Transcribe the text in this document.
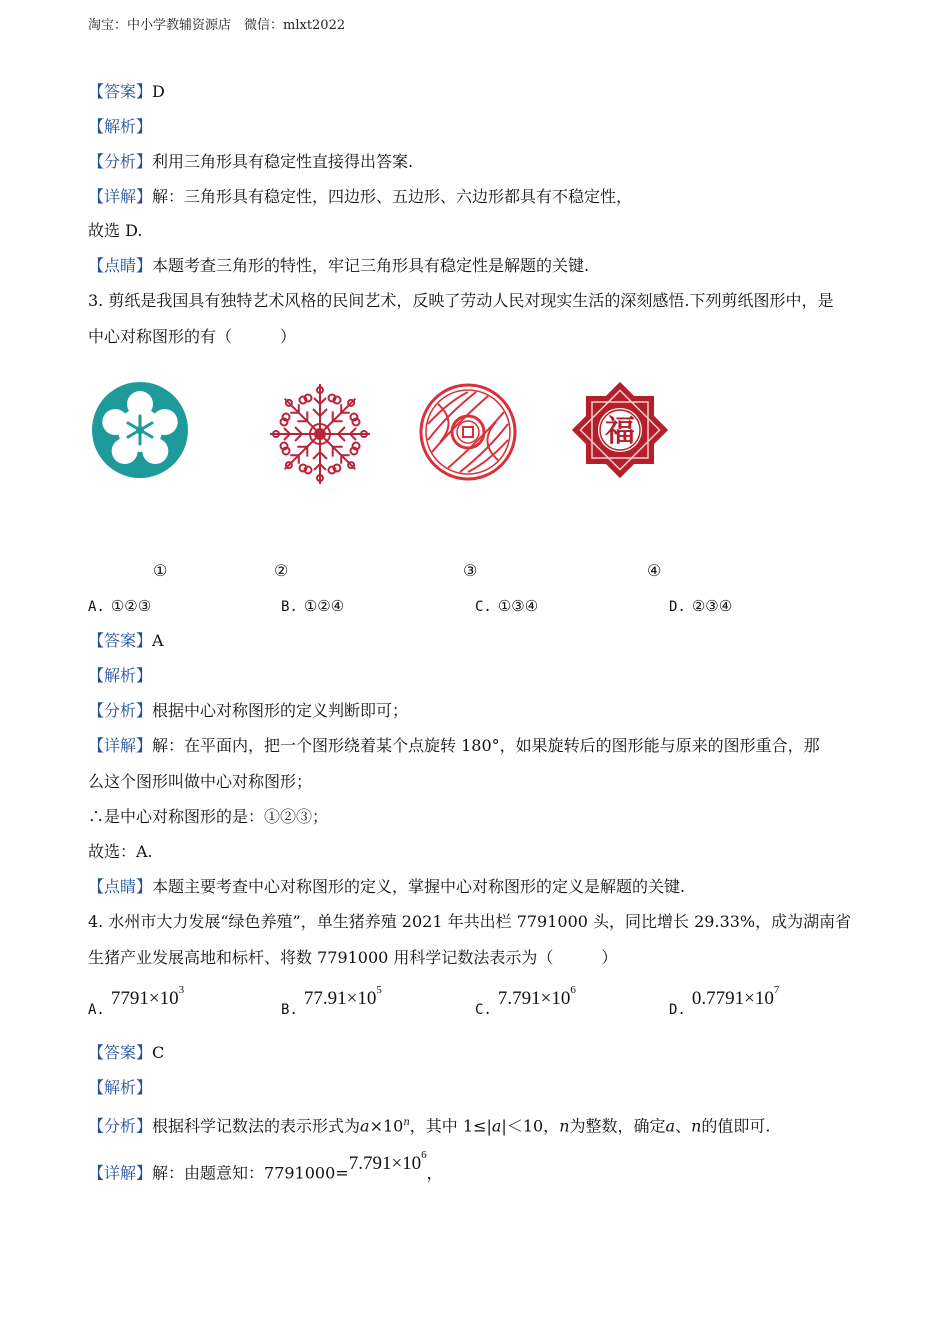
淘宝：中小学教辅资源店　微信：mlxt2022
【答案】D
【解析】
【分析】利用三角形具有稳定性直接得出答案.
【详解】解：三角形具有稳定性，四边形、五边形、六边形都具有不稳定性，
故选 D.
【点睛】本题考查三角形的特性，牢记三角形具有稳定性是解题的关键.
3. 剪纸是我国具有独特艺术风格的民间艺术，反映了劳动人民对现实生活的深刻感悟.下列剪纸图形中，是
中心对称图形的有（　　　）
福
①	②	③	④
A. ①②③	B. ①②④	C. ①③④	D. ②③④
【答案】A
【解析】
【分析】根据中心对称图形的定义判断即可；
【详解】解：在平面内，把一个图形绕着某个点旋转 180°，如果旋转后的图形能与原来的图形重合，那
么这个图形叫做中心对称图形；
∴是中心对称图形的是：①②③；
故选：A.
【点睛】本题主要考查中心对称图形的定义，掌握中心对称图形的定义是解题的关键.
4. 水州市大力发展“绿色养殖”，单生猪养殖 2021 年共出栏 7791000 头，同比增长 29.33%，成为湖南省
生猪产业发展高地和标杆、将数 7791000 用科学记数法表示为（　　　）
$A.7791\times 10^3$
$B.77.91\times 10^5$
$C.7.791\times 10^6$
$D.0.7791\times 10^7$
【答案】C
【解析】
【分析】根据科学记数法的表示形式为$a\times 10^n$，其中 1≤|a|＜10，n为整数，确定a、n的值即可.
【详解】解：由题意知：$7791000=7.791\times 10^6$，
